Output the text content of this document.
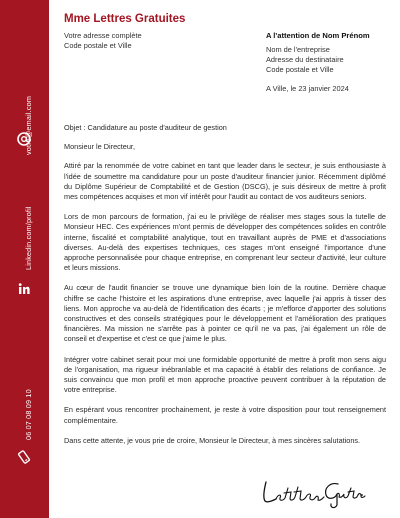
votre@email.com
Linkedin.com/profil
06 07 08 09 10
Mme Lettres Gratuites
Votre adresse complète
Code postale et Ville
A l'attention de Nom Prénom
Nom de l'entreprise
Adresse du destinataire
Code postale et Ville
A Ville, le 23 janvier 2024

Objet : Candidature au poste d'auditeur de gestion

Monsieur le Directeur,

Attiré par la renommée de votre cabinet en tant que leader dans le secteur, je suis enthousiaste à l'idée de soumettre ma candidature pour un poste d'auditeur financier junior. Récemment diplômé du Diplôme Supérieur de Comptabilité et de Gestion (DSCG), je suis désireux de mettre à profit mes compétences acquises et mon vif intérêt pour l'audit au contact de vos auditeurs seniors.

Lors de mon parcours de formation, j'ai eu le privilège de réaliser mes stages sous la tutelle de Monsieur HEC. Ces expériences m'ont permis de développer des compétences solides en contrôle interne, fiscalité et comptabilité analytique, tout en travaillant auprès de PME et d'associations diverses. Au-delà des expertises techniques, ces stages m'ont enseigné l'importance d'une approche personnalisée pour chaque entreprise, en comprenant leur secteur d'activité, leur culture et leurs missions.

Au cœur de l'audit financier se trouve une dynamique bien loin de la routine. Derrière chaque chiffre se cache l'histoire et les aspirations d'une entreprise, avec laquelle j'ai appris à tisser des liens. Mon approche va au-delà de l'identification des écarts ; je m'efforce d'apporter des solutions constructives et des conseils stratégiques pour le développement et l'amélioration des pratiques financières. Ma mission ne s'arrête pas à pointer ce qu'il ne va pas, j'ai également un rôle de conseil et d'expertise et c'est ce que j'aime le plus.

Intégrer votre cabinet serait pour moi une formidable opportunité de mettre à profit mon sens aigu de l'organisation, ma rigueur inébranlable et ma capacité à établir des relations de confiance. Je suis convaincu que mon profil et mon approche proactive peuvent contribuer à la réputation de votre entreprise.

En espérant vous rencontrer prochainement, je reste à votre disposition pour tout renseignement complémentaire.

Dans cette attente, je vous prie de croire, Monsieur le Directeur, à mes sincères salutations.
